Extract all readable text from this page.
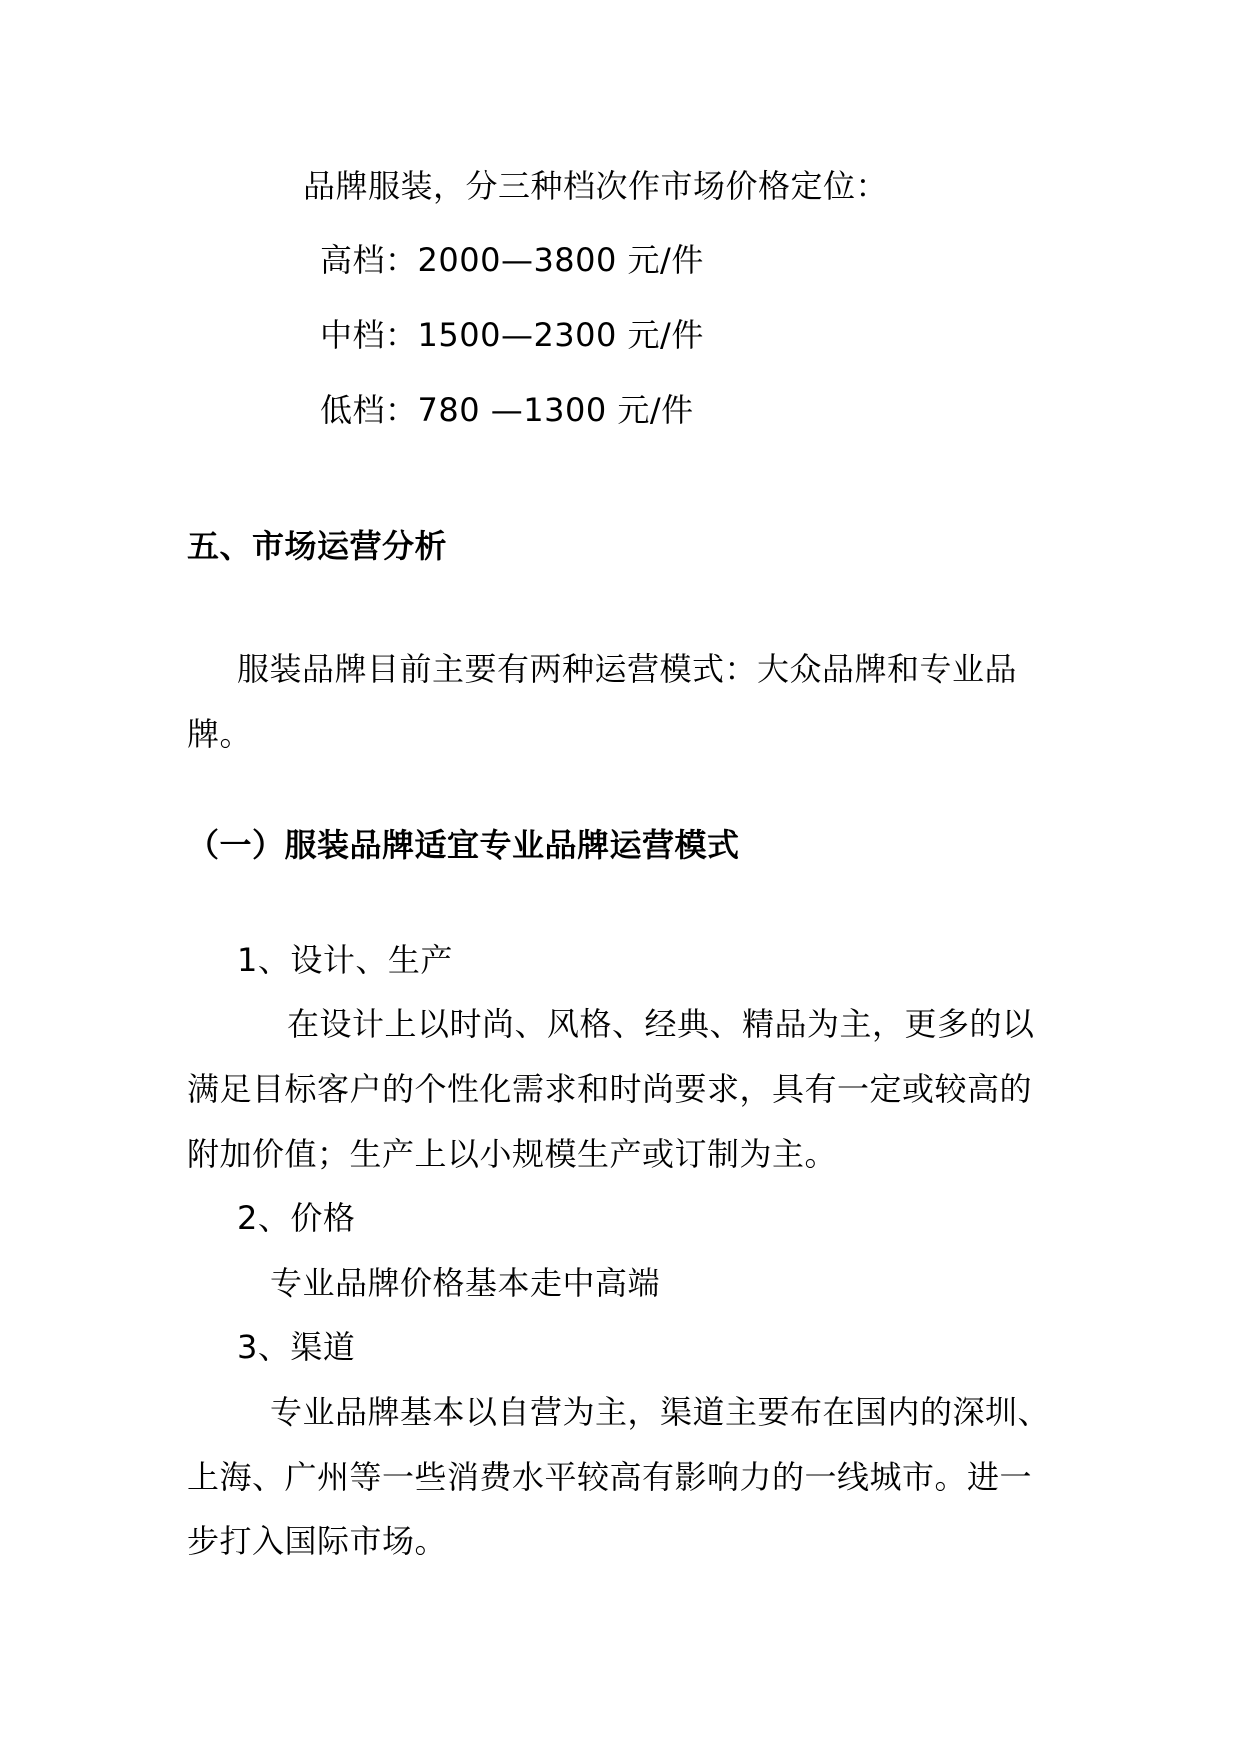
品牌服装，分三种档次作市场价格定位：
高档：2000—3800 元/件
中档：1500—2300 元/件
低档：780 —1300 元/件
五、市场运营分析
服装品牌目前主要有两种运营模式：大众品牌和专业品
牌。
（一）服装品牌适宜专业品牌运营模式
1、设计、生产
在设计上以时尚、风格、经典、精品为主，更多的以
满足目标客户的个性化需求和时尚要求，具有一定或较高的
附加价值；生产上以小规模生产或订制为主。
2、价格
专业品牌价格基本走中高端
3、渠道
专业品牌基本以自营为主，渠道主要布在国内的深圳、
上海、广州等一些消费水平较高有影响力的一线城市。进一
步打入国际市场。
